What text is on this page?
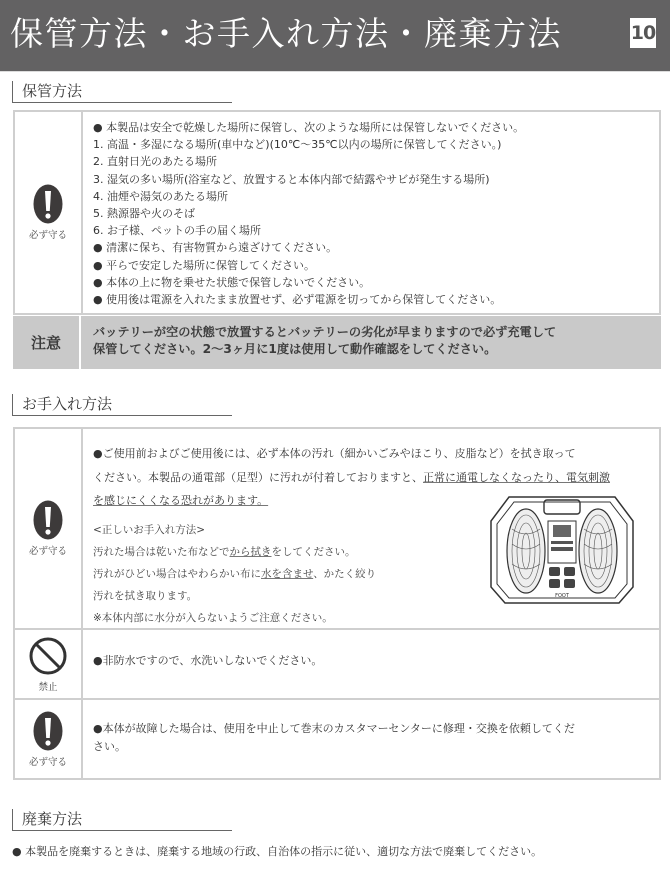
保管方法・お手入れ方法・廃棄方法	10
保管方法
必ず守る

● 本製品は安全で乾燥した場所に保管し、次のような場所には保管しないでください。

1. 高温・多湿になる場所(車中など)(10℃〜35℃以内の場所に保管してください。)

2. 直射日光のあたる場所

3. 湿気の多い場所(浴室など、放置すると本体内部で結露やサビが発生する場所)

4. 油煙や湯気のあたる場所

5. 熱源器や火のそば

6. お子様、ペットの手の届く場所

● 清潔に保ち、有害物質から遠ざけてください。

● 平らで安定した場所に保管してください。

● 本体の上に物を乗せた状態で保管しないでください。

● 使用後は電源を入れたまま放置せず、必ず電源を切ってから保管してください。

注意
バッテリーが空の状態で放置するとバッテリーの劣化が早まりますので必ず充電して
保管してください。2〜3ヶ月に1度は使用して動作確認をしてください。
お手入れ方法
必ず守る

●ご使用前およびご使用後には、必ず本体の汚れ（細かいごみやほこり、皮脂など）を拭き取って

ください。本製品の通電部（足型）に汚れが付着しておりますと、正常に通電しなくなったり、電気刺激

を感じにくくなる恐れがあります。

<正しいお手入れ方法>

汚れた場合は乾いた布などでから拭きをしてください。

汚れがひどい場合はやわらかい布に水を含ませ、かたく絞り

汚れを拭き取ります。

※本体内部に水分が入らないようご注意ください。

FOOT
禁止

●非防水ですので、水洗いしないでください。

必ず守る

●本体が故障した場合は、使用を中止して巻末のカスタマーセンターに修理・交換を依頼してくだ

さい。

廃棄方法
● 本製品を廃棄するときは、廃棄する地域の行政、自治体の指示に従い、適切な方法で廃棄してください。
